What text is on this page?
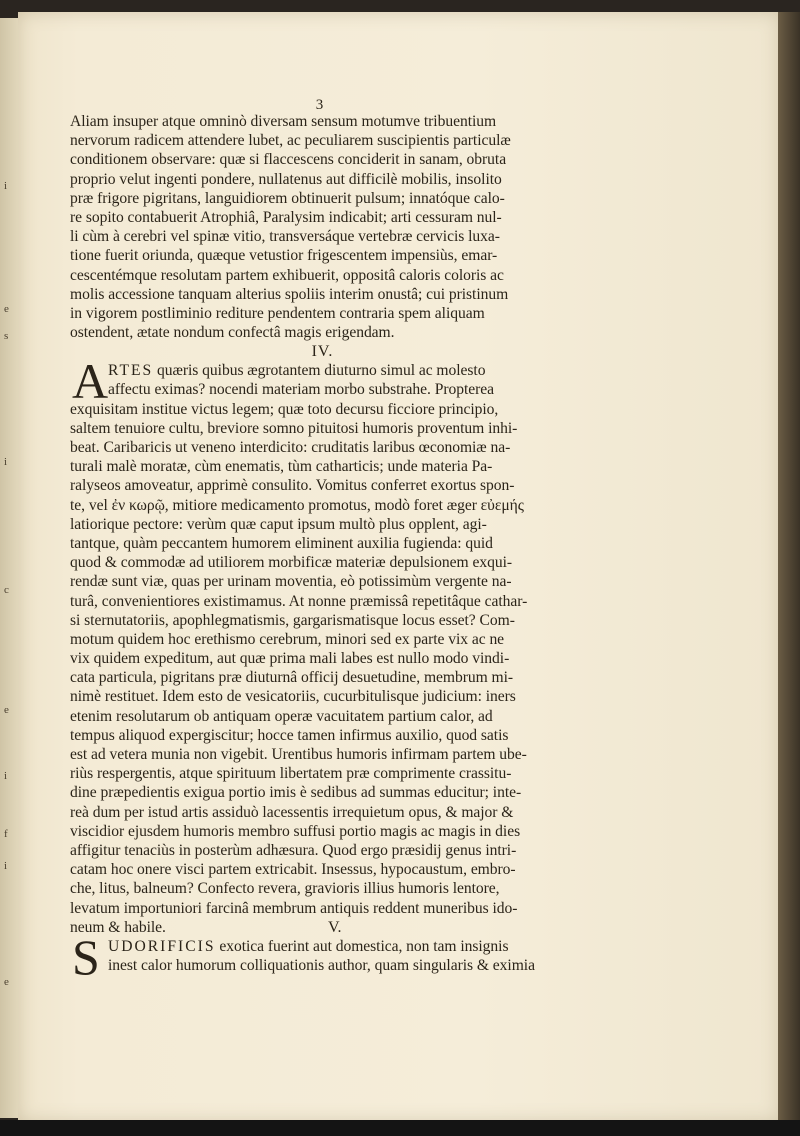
i
e
s
i
c
e
i
f
i
e
3
Aliam insuper atque omninò diversam sensum motumve tribuentium
nervorum radicem attendere lubet, ac peculiarem suscipientis particulæ
conditionem observare: quæ si flaccescens conciderit in sanam, obruta
proprio velut ingenti pondere, nullatenus aut difficilè mobilis, insolito
præ frigore pigritans, languidiorem obtinuerit pulsum; innatóque calo-
re sopito contabuerit Atrophiâ, Paralysim indicabit; arti cessuram nul-
li cùm à cerebri vel spinæ vitio, transversáque vertebræ cervicis luxa-
tione fuerit oriunda, quæque vetustior frigescentem impensiùs, emar-
cescentémque resolutam partem exhibuerit, oppositâ caloris coloris ac
molis accessione tanquam alterius spoliis interim onustâ; cui pristinum
in vigorem postliminio rediture pendentem contraria spem aliquam
ostendent, ætate nondum confectâ magis erigendam.
IV.
A RTES quæris quibus ægrotantem diuturno simul ac molesto
affectu eximas? nocendi materiam morbo substrahe. Propterea
exquisitam institue victus legem; quæ toto decursu ficciore principio,
saltem tenuiore cultu, breviore somno pituitosi humoris proventum inhi-
beat. Caribaricis ut veneno interdicito: cruditatis laribus œconomiæ na-
turali malè moratæ, cùm enematis, tùm catharticis; unde materia Pa-
ralyseos amoveatur, apprimè consulito. Vomitus conferret exortus spon-
te, vel ἐν κωρῷ, mitiore medicamento promotus, modò foret æger εὐεμής
latiorique pectore: verùm quæ caput ipsum multò plus opplent, agi-
tantque, quàm peccantem humorem eliminent auxilia fugienda: quid
quod & commodæ ad utiliorem morbificæ materiæ depulsionem exqui-
rendæ sunt viæ, quas per urinam moventia, eò potissimùm vergente na-
turâ, convenientiores existimamus. At nonne præmissâ repetitâque cathar-
si sternutatoriis, apophlegmatismis, gargarismatisque locus esset? Com-
motum quidem hoc erethismo cerebrum, minori sed ex parte vix ac ne
vix quidem expeditum, aut quæ prima mali labes est nullo modo vindi-
cata particula, pigritans præ diuturnâ officij desuetudine, membrum mi-
nimè restituet. Idem esto de vesicatoriis, cucurbitulisque judicium: iners
etenim resolutarum ob antiquam operæ vacuitatem partium calor, ad
tempus aliquod expergiscitur; hocce tamen infirmus auxilio, quod satis
est ad vetera munia non vigebit. Urentibus humoris infirmam partem ube-
riùs respergentis, atque spirituum libertatem præ comprimente crassitu-
dine præpedientis exigua portio imis è sedibus ad summas educitur; inte-
reà dum per istud artis assiduò lacessentis irrequietum opus, & major &
viscidior ejusdem humoris membro suffusi portio magis ac magis in dies
affigitur tenaciùs in posterùm adhæsura. Quod ergo præsidij genus intri-
catam hoc onere visci partem extricabit. Insessus, hypocaustum, embro-
che, litus, balneum? Confecto revera, gravioris illius humoris lentore,
levatum importuniori farcinâ membrum antiquis reddent muneribus ido-
neum & habile.	V.
S UDORIFICIS exotica fuerint aut domestica, non tam insignis
inest calor humorum colliquationis author, quam singularis & eximia
